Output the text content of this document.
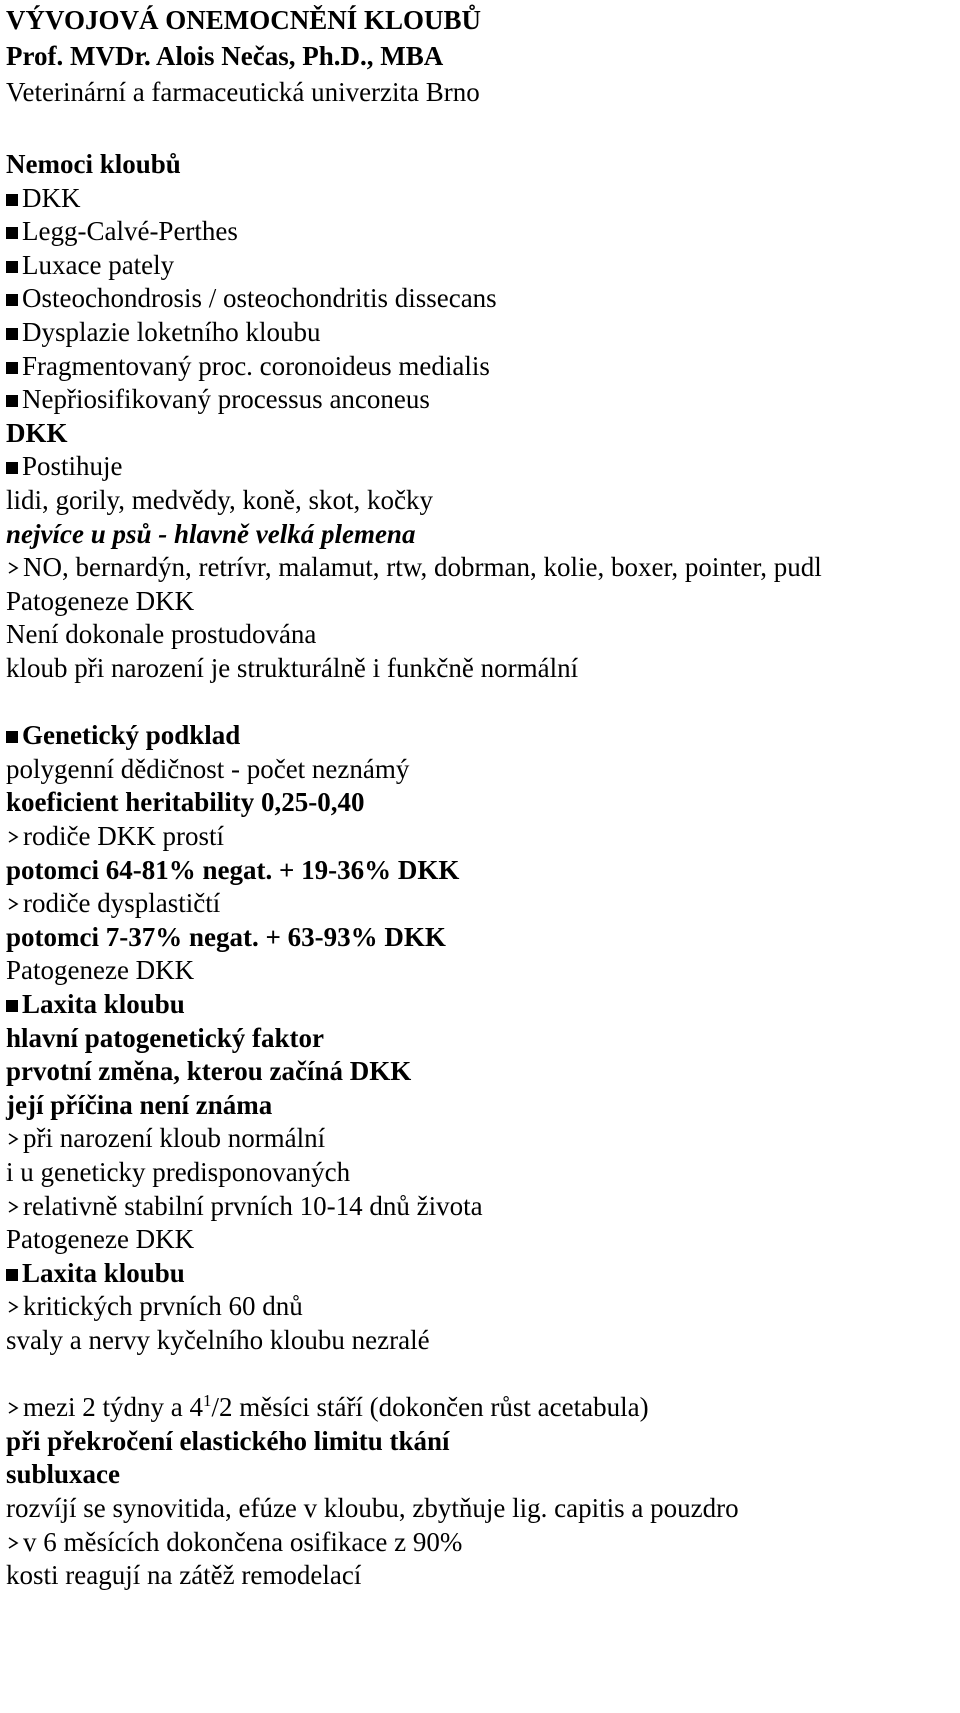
VÝVOJOVÁ ONEMOCNĚNÍ KLOUBŮ
Prof. MVDr. Alois Nečas, Ph.D., MBA
Veterinární a farmaceutická univerzita Brno
Nemoci kloubů
DKK
Legg-Calvé-Perthes
Luxace pately
Osteochondrosis / osteochondritis dissecans
Dysplazie loketního kloubu
Fragmentovaný proc. coronoideus medialis
Nepřiosifikovaný processus anconeus
DKK
Postihuje
lidi, gorily, medvědy, koně, skot, kočky
nejvíce u psů - hlavně velká plemena
NO, bernardýn, retrívr, malamut, rtw, dobrman, kolie, boxer, pointer, pudl
Patogeneze DKK
Není dokonale prostudována
kloub při narození je strukturálně i funkčně normální
Genetický podklad
polygenní dědičnost - počet neznámý
koeficient heritability 0,25-0,40
rodiče DKK prostí
potomci 64-81% negat. + 19-36% DKK
rodiče dysplastičtí
potomci 7-37% negat. + 63-93% DKK
Patogeneze DKK
Laxita kloubu
hlavní patogenetický faktor
prvotní změna, kterou začíná DKK
její příčina není známa
při narození kloub normální
i u geneticky predisponovaných
relativně stabilní prvních 10-14 dnů života
Patogeneze DKK
Laxita kloubu
kritických prvních 60 dnů
svaly a nervy kyčelního kloubu nezralé
mezi 2 týdny a $4^1/2$ měsíci stáří (dokončen růst acetabula)
při překročení elastického limitu tkání
subluxace
rozvíjí se synovitida, efúze v kloubu, zbytňuje lig. capitis a pouzdro
v 6 měsících dokončena osifikace z 90%
kosti reagují na zátěž remodelací
